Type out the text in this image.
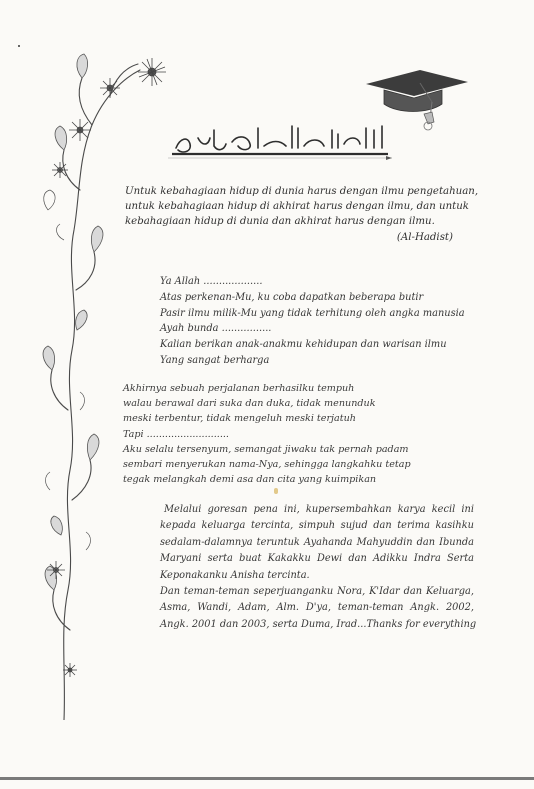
Untuk kebahagiaan hidup di dunia harus dengan ilmu pengetahuan,
untuk kebahagiaan hidup di akhirat harus dengan ilmu, dan untuk
kebahagiaan hidup di dunia dan akhirat harus dengan ilmu.
(Al-Hadist)
Ya Allah ...................
Atas perkenan-Mu, ku coba dapatkan beberapa butir
Pasir ilmu milik-Mu yang tidak terhitung oleh angka manusia
Ayah bunda ................
Kalian berikan anak-anakmu kehidupan dan warisan ilmu
Yang sangat berharga
Akhirnya sebuah perjalanan berhasilku tempuh
walau berawal dari suka dan duka, tidak menunduk
meski terbentur, tidak mengeluh meski terjatuh
Tapi ...........................
Aku selalu tersenyum, semangat jiwaku tak pernah padam
sembari menyerukan nama-Nya, sehingga langkahku tetap
tegak melangkah demi asa dan cita yang kuimpikan
Melalui goresan pena ini, kupersembahkan karya kecil ini
kepada keluarga tercinta, simpuh sujud dan terima kasihku
sedalam-dalamnya teruntuk Ayahanda Mahyuddin dan Ibunda
Maryani serta buat Kakakku Dewi dan Adikku Indra Serta
Keponakanku Anisha tercinta.
Dan teman-teman seperjuanganku Nora, K'Idar dan Keluarga,
Asma, Wandi, Adam, Alm. D'ya, teman-teman Angk. 2002,
Angk. 2001 dan 2003, serta Duma, Irad...Thanks for everything
